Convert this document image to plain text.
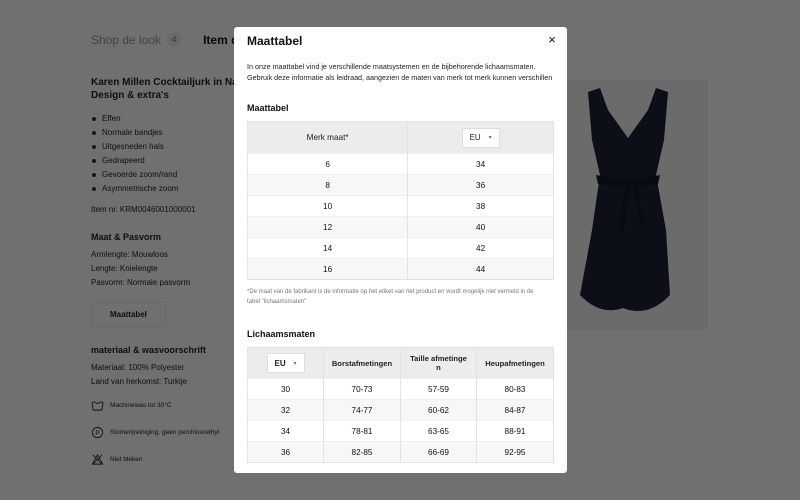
Maattabel	×

In onze maattabel vind je verschillende maatsystemen en de bijbehorende lichaamsmaten. Gebruik deze informatie als leidraad, aangezien de maten van merk tot merk kunnen verschillen

Maattabel
Merk maat*	EU ▾

6	34
8	36
10	38
12	40
14	42
16	44

*De maat van de fabrikant is de informatie op het etiket van het product en wordt mogelijk niet vermeld in de tabel "lichaamsmaten"

Lichaamsmaten
EU ▾	Borstafmetingen	Taille afmetinge n	Heupafmetingen
30	70-73	57-59	80-83
32	74-77	60-62	84-87
34	78-81	63-65	88-91
36	82-85	66-69	92-95
